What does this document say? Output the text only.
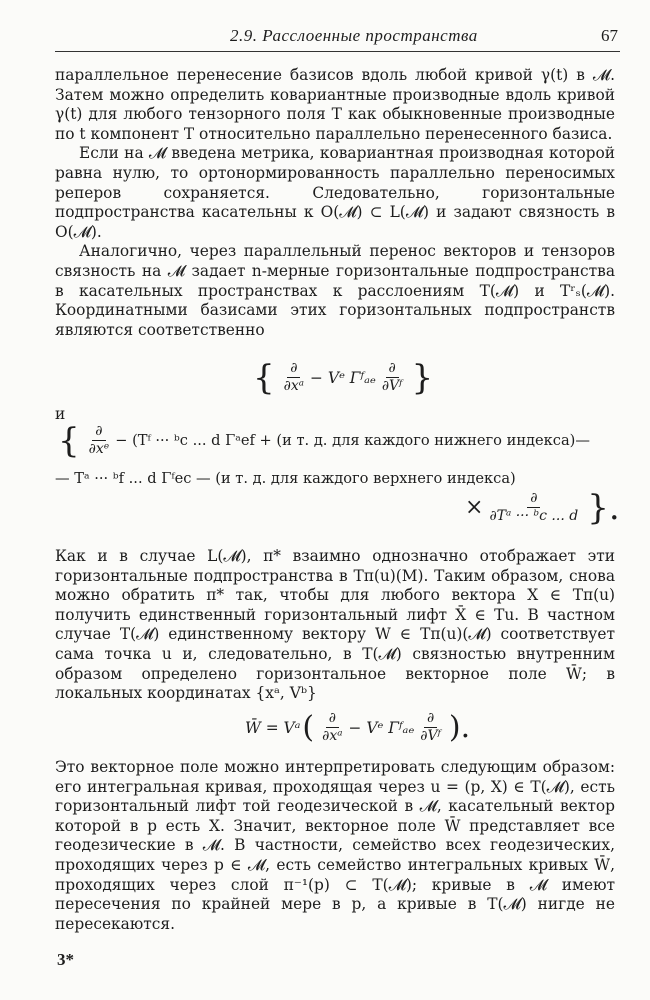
2.9. Расслоенные пространства	67

параллельное перенесение базисов вдоль любой кривой γ(t) в 𝓜. Затем можно определить ковариантные производные вдоль кривой γ(t) для любого тензорного поля T как обыкновенные производные по t компонент T относительно параллельно перенесенного базиса.

Если на 𝓜 введена метрика, ковариантная производная которой равна нулю, то ортонормированность параллельно переносимых реперов сохраняется. Следовательно, горизонтальные подпространства касательны к O(𝓜) ⊂ L(𝓜) и задают связность в O(𝓜).

Аналогично, через параллельный перенос векторов и тензоров связность на 𝓜 задает n-мерные горизонтальные подпространства в касательных пространствах к расслоениям T(𝓜) и Tʳₛ(𝓜). Координатными базисами этих горизонтальных подпространств являются соответственно

{ $\frac{\partial}{\text{∂xᵃ}}$ − Vᵉ Γᶠₐₑ $\frac{\partial}{\text{∂Vᶠ}}$ }

и

{ $\frac{\partial}{\text{∂xᵉ}}$ − (Tᶠ ··· ᵇc ... d Γᵃef + (и т. д. для каждого нижнего индекса)—
— Tᵃ ··· ᵇf ... d Γᶠec — (и т. д. для каждого верхнего индекса)
× $\frac{\partial}{\text{∂Tᵃ ··· ᵇc ... d}}$ }.

Как и в случае L(𝓜), π* взаимно однозначно отображает эти горизонтальные подпространства в Tπ(u)(M). Таким образом, снова можно обратить π* так, чтобы для любого вектора X ∈ Tπ(u) получить единственный горизонтальный лифт X̄ ∈ Tu. В частном случае T(𝓜) единственному вектору W ∈ Tπ(u)(𝓜) соответствует сама точка u и, следовательно, в T(𝓜) связностью внутренним образом определено горизонтальное векторное поле W̄; в локальных координатах {xᵃ, Vᵇ}

W̄ = Vᵃ ( $\frac{\partial}{\text{∂xᵃ}}$ − Vᵉ Γᶠₐₑ $\frac{\partial}{\text{∂Vᶠ}}$ ).

Это векторное поле можно интерпретировать следующим образом: его интегральная кривая, проходящая через u = (p, X) ∈ T(𝓜), есть горизонтальный лифт той геодезической в 𝓜, касательный вектор которой в p есть X. Значит, векторное поле W̄ представляет все геодезические в 𝓜. В частности, семейство всех геодезических, проходящих через p ∈ 𝓜, есть семейство интегральных кривых W̄, проходящих через слой π⁻¹(p) ⊂ T(𝓜); кривые в 𝓜 имеют пересечения по крайней мере в p, а кривые в T(𝓜) нигде не пересекаются.

3*
